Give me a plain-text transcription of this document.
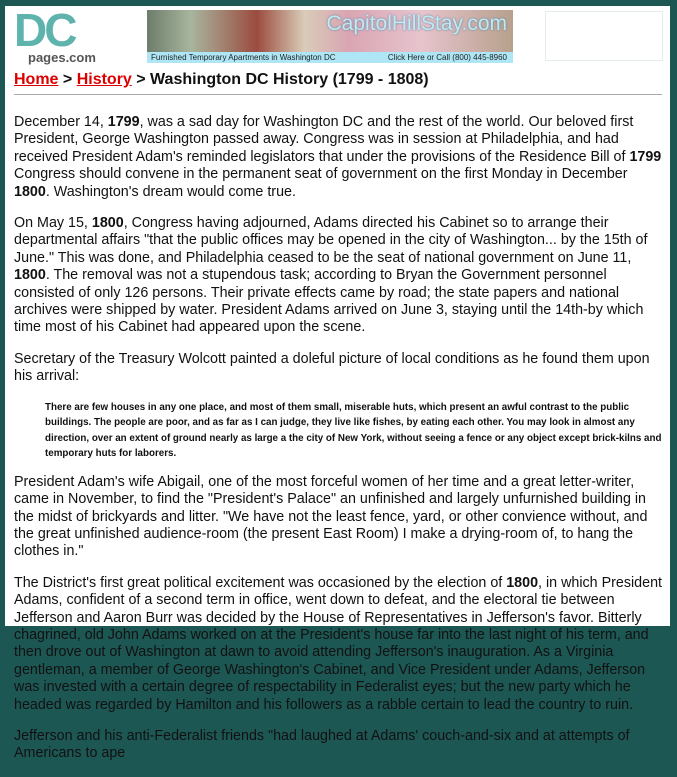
DC
pages.com
CapitolHillStay.com
Furnished Temporary Apartments in Washington DC	Click Here or Call (800) 445-8960
Home > History > Washington DC History (1799 - 1808)

December 14, 1799, was a sad day for Washington DC and the rest of the world. Our beloved first President, George Washington passed away. Congress was in session at Philadelphia, and had received President Adam's reminded legislators that under the provisions of the Residence Bill of 1799 Congress should convene in the permanent seat of government on the first Monday in December 1800. Washington's dream would come true.

On May 15, 1800, Congress having adjourned, Adams directed his Cabinet so to arrange their departmental affairs "that the public offices may be opened in the city of Washington... by the 15th of June." This was done, and Philadelphia ceased to be the seat of national government on June 11, 1800. The removal was not a stupendous task; according to Bryan the Government personnel consisted of only 126 persons. Their private effects came by road; the state papers and national archives were shipped by water. President Adams arrived on June 3, staying until the 14th-by which time most of his Cabinet had appeared upon the scene.

Secretary of the Treasury Wolcott painted a doleful picture of local conditions as he found them upon his arrival:

There are few houses in any one place, and most of them small, miserable huts, which present an awful contrast to the public buildings. The people are poor, and as far as I can judge, they live like fishes, by eating each other. You may look in almost any direction, over an extent of ground nearly as large a the city of New York, without seeing a fence or any object except brick-kilns and temporary huts for laborers.

President Adam's wife Abigail, one of the most forceful women of her time and a great letter-writer, came in November, to find the "President's Palace" an unfinished and largely unfurnished building in the midst of brickyards and litter. "We have not the least fence, yard, or other convience without, and the great unfinished audience-room (the present East Room) I make a drying-room of, to hang the clothes in."

The District's first great political excitement was occasioned by the election of 1800, in which President Adams, confident of a second term in office, went down to defeat, and the electoral tie between Jefferson and Aaron Burr was decided by the House of Representatives in Jefferson's favor. Bitterly chagrined, old John Adams worked on at the President's house far into the last night of his term, and then drove out of Washington at dawn to avoid attending Jefferson's inauguration. As a Virginia gentleman, a member of George Washington's Cabinet, and Vice President under Adams, Jefferson was invested with a certain degree of respectability in Federalist eyes; but the new party which he headed was regarded by Hamilton and his followers as a rabble certain to lead the country to ruin.

Jefferson and his anti-Federalist friends "had laughed at Adams' couch-and-six and at attempts of Americans to ape
